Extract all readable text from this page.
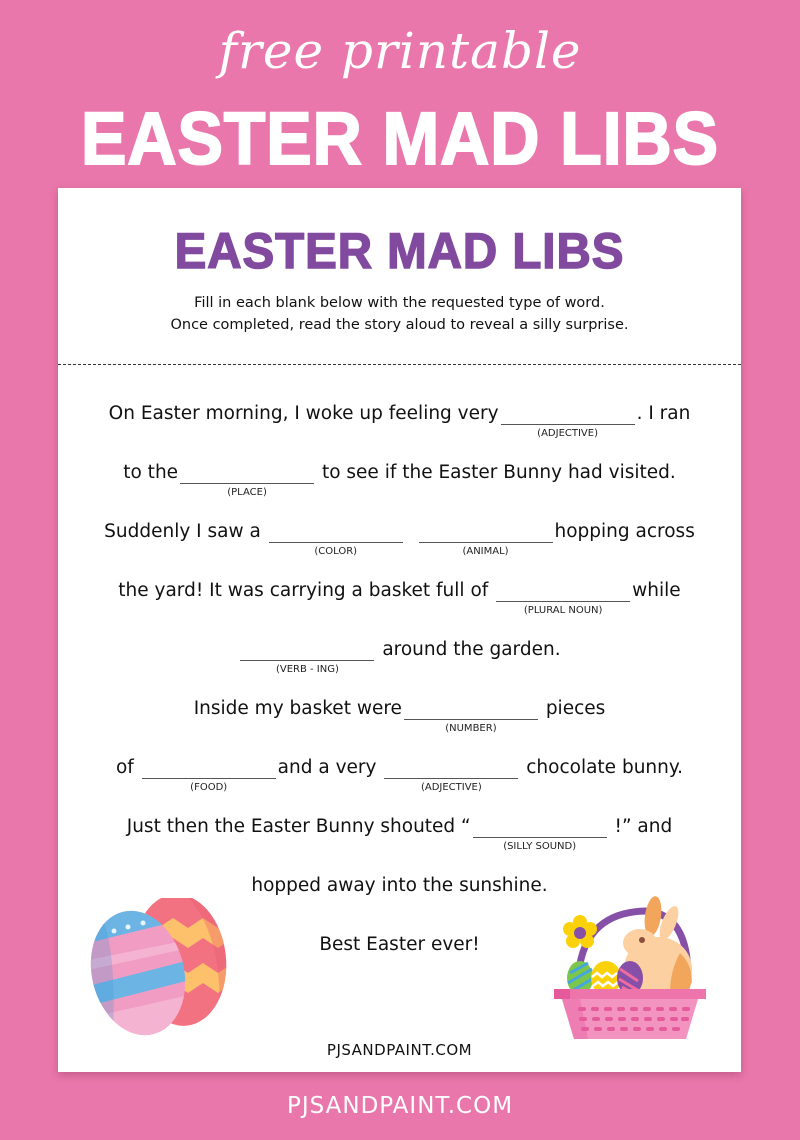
free printable
EASTER MAD LIBS
EASTER MAD LIBS
Fill in each blank below with the requested type of word.
Once completed, read the story aloud to reveal a silly surprise.
On Easter morning, I woke up feeling very
(ADJECTIVE)
. I ran
to the
(PLACE)
to see if the Easter Bunny had visited.
Suddenly I saw a
(COLOR)
	(ANIMAL)
hopping across
the yard! It was carrying a basket full of
(PLURAL NOUN)
while
(VERB - ING)
around the garden.
Inside my basket were
(NUMBER)
pieces
of
(FOOD)
and a very
(ADJECTIVE)
chocolate bunny.
Just then the Easter Bunny shouted “
(SILLY SOUND)
!” and
hopped away into the sunshine.
Best Easter ever!
PJSANDPAINT.COM
PJSANDPAINT.COM
